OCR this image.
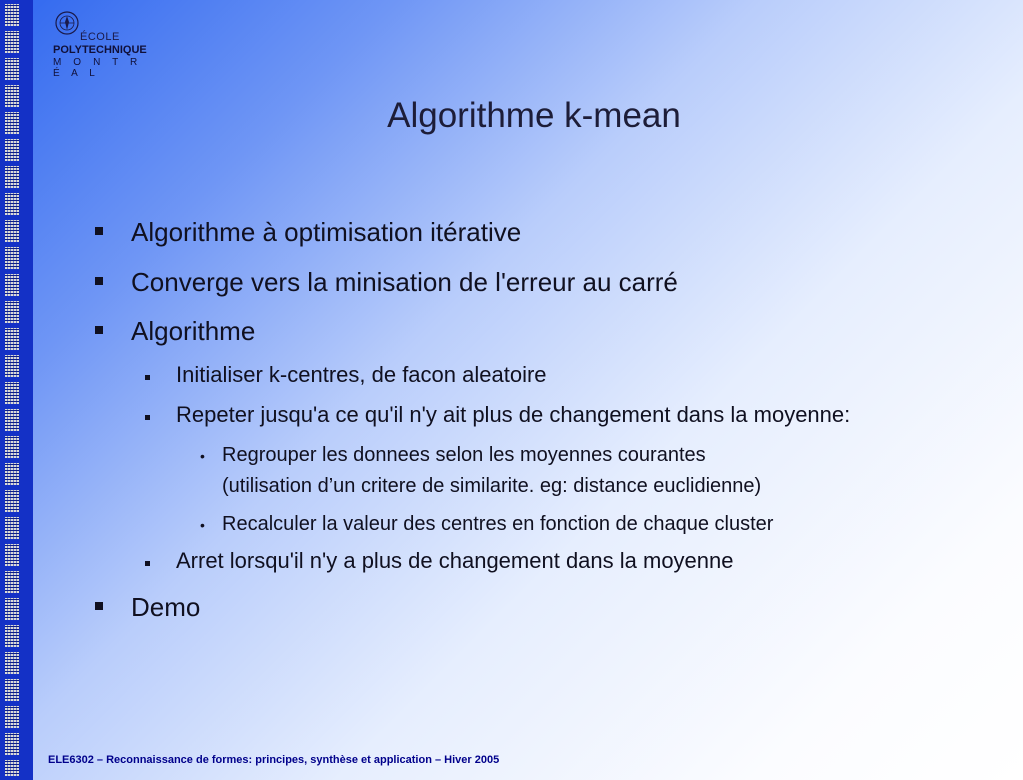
ÉCOLE
POLYTECHNIQUE
M O N T R É A L
Algorithme k-mean
Algorithme à optimisation itérative
Converge vers la minisation de l'erreur au carré
Algorithme
Initialiser k-centres, de facon aleatoire
Repeter jusqu'a ce qu'il n'y ait plus de changement dans la moyenne:
• Regrouper les donnees selon les moyennes courantes
(utilisation d’un critere de similarite. eg: distance euclidienne)
• Recalculer la valeur des centres en fonction de chaque cluster
Arret lorsqu'il n'y a plus de changement dans la moyenne
Demo
ELE6302 – Reconnaissance de formes: principes, synthèse et application – Hiver 2005
